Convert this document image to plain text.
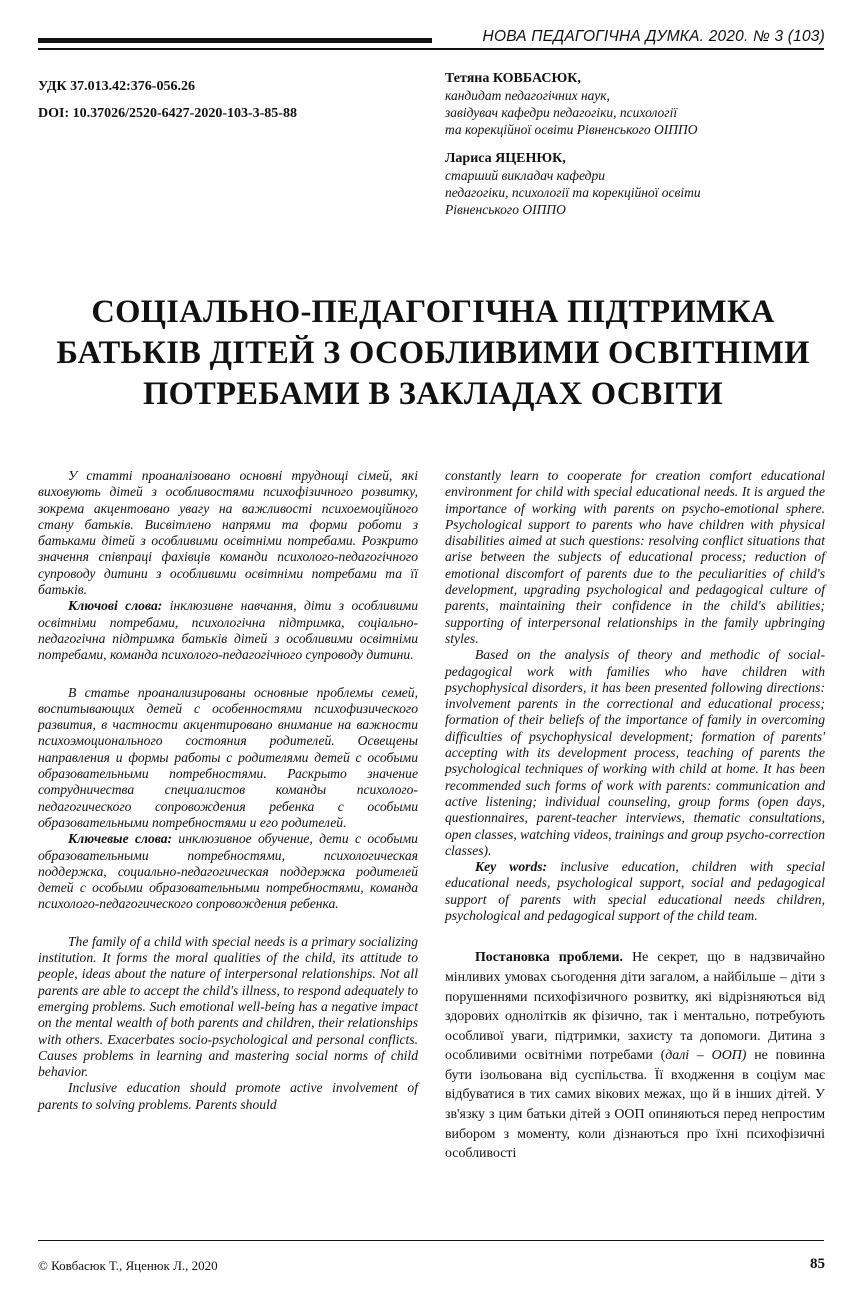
НОВА ПЕДАГОГІЧНА ДУМКА. 2020. № 3 (103)
УДК 37.013.42:376-056.26
DOI: 10.37026/2520-6427-2020-103-3-85-88
Тетяна КОВБАСЮК,
кандидат педагогічних наук,
завідувач кафедри педагогіки, психології
та корекційної освіти Рівненського ОІППО
Лариса ЯЦЕНЮК,
старший викладач кафедри
педагогіки, психології та корекційної освіти
Рівненського ОІППО
СОЦІАЛЬНО-ПЕДАГОГІЧНА ПІДТРИМКА
БАТЬКІВ ДІТЕЙ З ОСОБЛИВИМИ ОСВІТНІМИ
ПОТРЕБАМИ В ЗАКЛАДАХ ОСВІТИ

У статті проаналізовано основні труднощі сімей, які виховують дітей з особливостями психофізичного розвитку, зокрема акцентовано увагу на важливості психоемоційного стану батьків. Висвітлено напрями та форми роботи з батьками дітей з особливими освітніми потребами. Розкрито значення співпраці фахівців команди психолого-педагогічного супроводу дитини з особливими освітніми потребами та її батьків.

Ключові слова: інклюзивне навчання, діти з особливими освітніми потребами, психологічна підтримка, соціально-педагогічна підтримка батьків дітей з особливими освітніми потребами, команда психолого-педагогічного супроводу дитини.

В статье проанализированы основные проблемы семей, воспитывающих детей с особенностями психофизического развития, в частности акцентировано внимание на важности психоэмоционального состояния родителей. Освещены направления и формы работы с родителями детей с особыми образовательными потребностями. Раскрыто значение сотрудничества специалистов команды психолого-педагогического сопровождения ребенка с особыми образовательными потребностями и его родителей.

Ключевые слова: инклюзивное обучение, дети с особыми образовательными потребностями, психологическая поддержка, социально-педагогическая поддержка родителей детей с особыми образовательными потребностями, команда психолого-педагогического сопровождения ребенка.

The family of a child with special needs is a primary socializing institution. It forms the moral qualities of the child, its attitude to people, ideas about the nature of interpersonal relationships. Not all parents are able to accept the child's illness, to respond adequately to emerging problems. Such emotional well-being has a negative impact on the mental wealth of both parents and children, their relationships with others. Exacerbates socio-psychological and personal conflicts. Causes problems in learning and mastering social norms of child behavior.

Inclusive education should promote active involvement of parents to solving problems. Parents should

constantly learn to cooperate for creation comfort educational environment for child with special educational needs. It is argued the importance of working with parents on psycho-emotional sphere. Psychological support to parents who have children with physical disabilities aimed at such questions: resolving conflict situations that arise between the subjects of educational process; reduction of emotional discomfort of parents due to the peculiarities of child's development, upgrading psychological and pedagogical culture of parents, maintaining their confidence in the child's abilities; supporting of interpersonal relationships in the family upbringing styles.

Based on the analysis of theory and methodic of social-pedagogical work with families who have children with psychophysical disorders, it has been presented following directions: involvement parents in the correctional and educational process; formation of their beliefs of the importance of family in overcoming difficulties of psychophysical development; formation of parents' accepting with its development process, teaching of parents the psychological techniques of working with child at home. It has been recommended such forms of work with parents: communication and active listening; individual counseling, group forms (open days, questionnaires, parent-teacher interviews, thematic consultations, open classes, watching videos, trainings and group psycho-correction classes).

Key words: inclusive education, children with special educational needs, psychological support, social and pedagogical support of parents with special educational needs children, psychological and pedagogical support of the child team.

Постановка проблеми. Не секрет, що в надзвичайно мінливих умовах сьогодення діти загалом, а найбільше – діти з порушеннями психофізичного розвитку, які відрізняються від здорових однолітків як фізично, так і ментально, потребують особливої уваги, підтримки, захисту та допомоги. Дитина з особливими освітніми потребами (далі – ООП) не повинна бути ізольована від суспільства. Її входження в соціум має відбуватися в тих самих вікових межах, що й в інших дітей. У зв'язку з цим батьки дітей з ООП опиняються перед непростим вибором з моменту, коли дізнаються про їхні психофізичні особливості

© Ковбасюк Т., Яценюк Л., 2020	85
